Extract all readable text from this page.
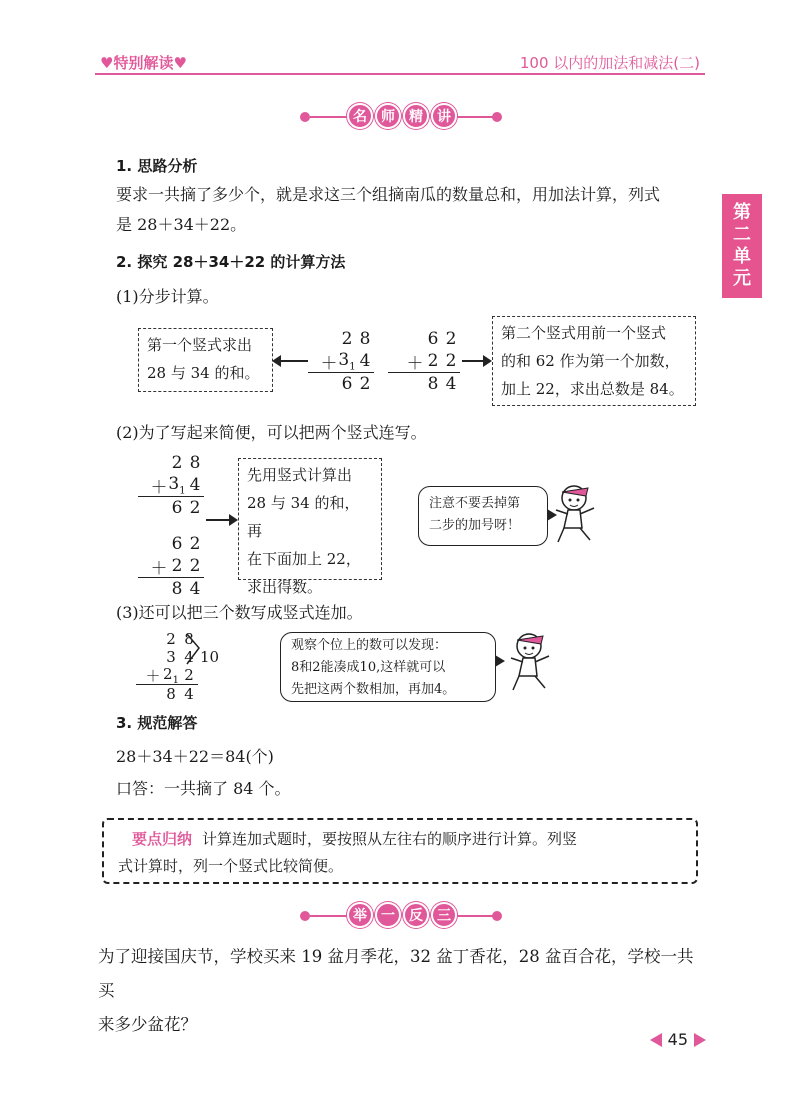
♥特别解读♥	100 以内的加法和减法(二)
第
二
单
元
名	师	精	讲
1. 思路分析
要求一共摘了多少个，就是求这三个组摘南瓜的数量总和，用加法计算，列式
是 28＋34＋22。
2. 探究 28＋34＋22 的计算方法
(1)分步计算。
第一个竖式求出
28 与 34 的和。
2 8
＋ $3_1$ 4
6 2
6 2
＋ 2 2
8 4
第二个竖式用前一个竖式
的和 62 作为第一个加数，
加上 22，求出总数是 84。
(2)为了写起来简便，可以把两个竖式连写。
2 8
＋ $3_1$ 4
6 2
6 2
＋ 2 2
8 4
先用竖式计算出
28 与 34 的和，再
在下面加上 22，
求出得数。
注意不要丢掉第
二步的加号呀！
(3)还可以把三个数写成竖式连加。
2 8
3 4
＋ $2_1$ 2
8 4
10
观察个位上的数可以发现：
8和2能凑成10,这样就可以
先把这两个数相加，再加4。
3. 规范解答
28＋34＋22＝84(个)
口答：一共摘了 84 个。
要点归纳 计算连加式题时，要按照从左往右的顺序进行计算。列竖
式计算时，列一个竖式比较简便。
举	一	反	三
为了迎接国庆节，学校买来 19 盆月季花，32 盆丁香花，28 盆百合花，学校一共买
来多少盆花？
45
